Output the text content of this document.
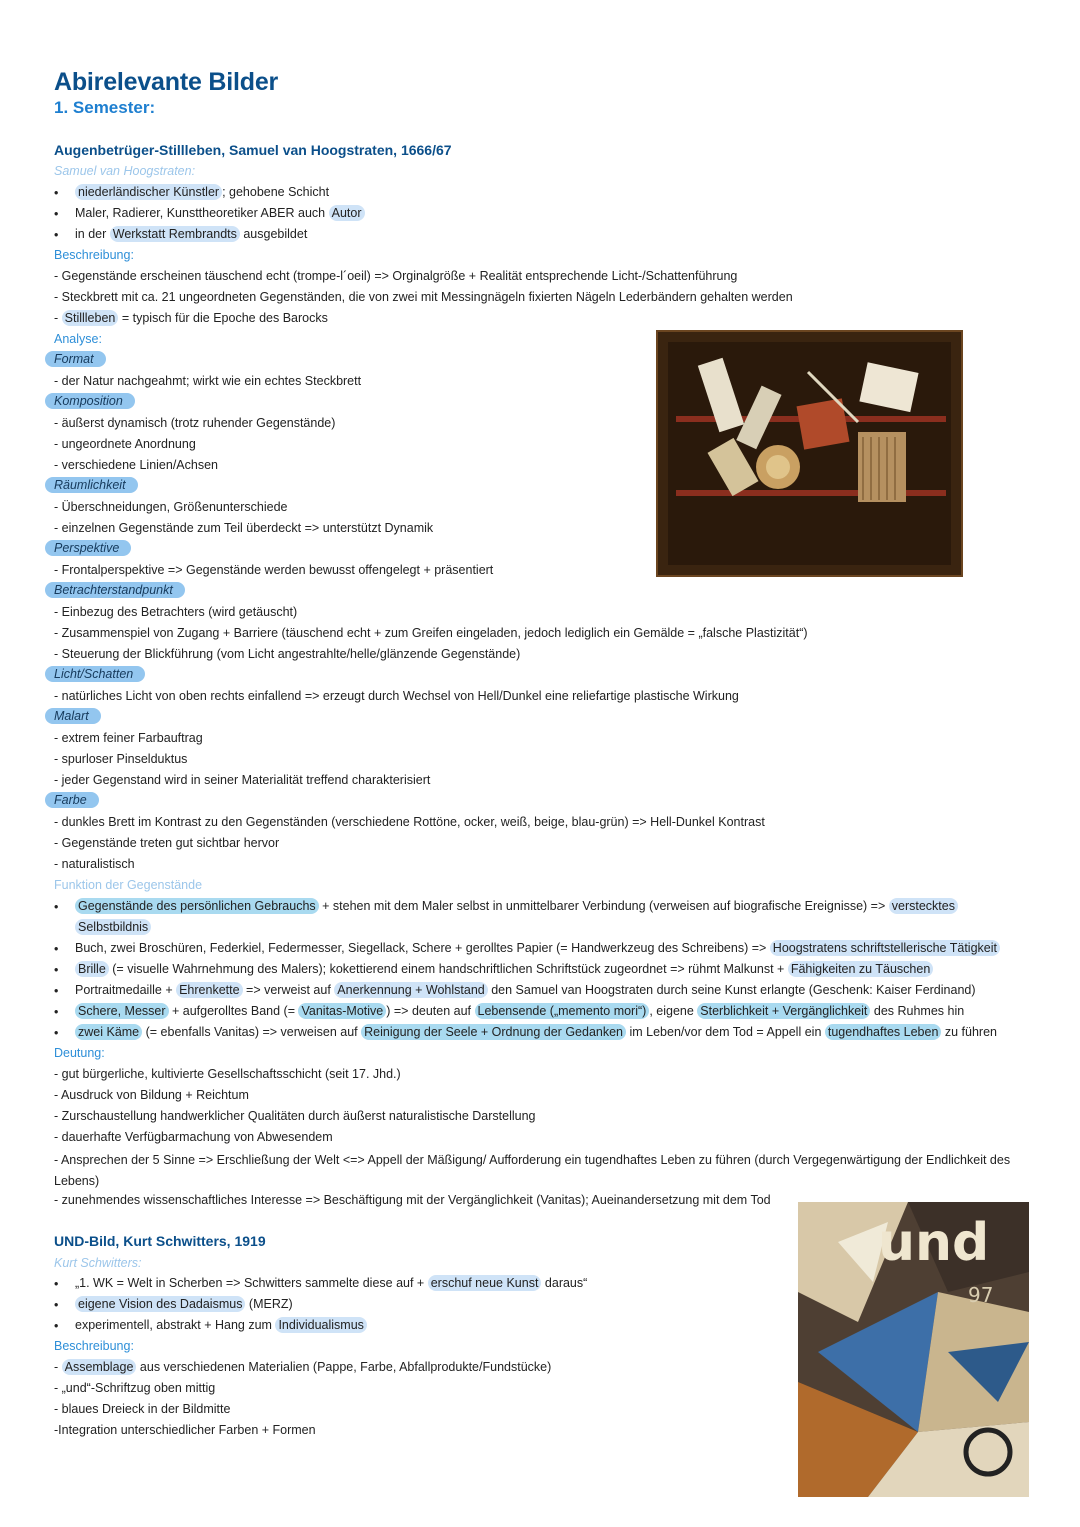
Abirelevante Bilder
1. Semester:
Augenbetrüger-Stillleben, Samuel van Hoogstraten, 1666/67
Samuel van Hoogstraten:
• niederländischer Künstler ; gehobene Schicht
• Maler, Radierer, Kunsttheoretiker ABER auch Autor
• in der Werkstatt Rembrandts ausgebildet
Beschreibung:
- Gegenstände erscheinen täuschend echt (trompe-l´oeil) => Orginalgröße + Realität entsprechende Licht-/Schattenführung
- Steckbrett mit ca. 21 ungeordneten Gegenständen, die von zwei mit Messingnägeln fixierten Nägeln Lederbändern gehalten werden
- Stillleben = typisch für die Epoche des Barocks
Analyse:
Format
- der Natur nachgeahmt; wirkt wie ein echtes Steckbrett
Komposition
- äußerst dynamisch (trotz ruhender Gegenstände)
- ungeordnete Anordnung
- verschiedene Linien/Achsen
Räumlichkeit
- Überschneidungen, Größenunterschiede
- einzelnen Gegenstände zum Teil überdeckt => unterstützt Dynamik
Perspektive
- Frontalperspektive => Gegenstände werden bewusst offengelegt + präsentiert
Betrachterstandpunkt
- Einbezug des Betrachters (wird getäuscht)
- Zusammenspiel von Zugang + Barriere (täuschend echt + zum Greifen eingeladen, jedoch lediglich ein Gemälde = „falsche Plastizität“)
- Steuerung der Blickführung (vom Licht angestrahlte/helle/glänzende Gegenstände)
Licht/Schatten
- natürliches Licht von oben rechts einfallend => erzeugt durch Wechsel von Hell/Dunkel eine reliefartige plastische Wirkung
Malart
- extrem feiner Farbauftrag
- spurloser Pinselduktus
- jeder Gegenstand wird in seiner Materialität treffend charakterisiert
Farbe
- dunkles Brett im Kontrast zu den Gegenständen (verschiedene Rottöne, ocker, weiß, beige, blau-grün) => Hell-Dunkel Kontrast
- Gegenstände treten gut sichtbar hervor
- naturalistisch
Funktion der Gegenstände
• Gegenstände des persönlichen Gebrauchs + stehen mit dem Maler selbst in unmittelbarer Verbindung (verweisen auf biografische Ereignisse) => verstecktes
Selbstbildnis
• Buch, zwei Broschüren, Federkiel, Federmesser, Siegellack, Schere + gerolltes Papier (= Handwerkzeug des Schreibens) => Hoogstratens schriftstellerische Tätigkeit
• Brille (= visuelle Wahrnehmung des Malers); kokettierend einem handschriftlichen Schriftstück zugeordnet => rühmt Malkunst + Fähigkeiten zu Täuschen
• Portraitmedaille + Ehrenkette => verweist auf Anerkennung + Wohlstand den Samuel van Hoogstraten durch seine Kunst erlangte (Geschenk: Kaiser Ferdinand)
• Schere, Messer + aufgerolltes Band (= Vanitas-Motive ) => deuten auf Lebensende („memento mori“) , eigene Sterblichkeit + Vergänglichkeit des Ruhmes hin
• zwei Käme (= ebenfalls Vanitas) => verweisen auf Reinigung der Seele + Ordnung der Gedanken im Leben/vor dem Tod = Appell ein tugendhaftes Leben zu führen
Deutung:
- gut bürgerliche, kultivierte Gesellschaftsschicht (seit 17. Jhd.)
- Ausdruck von Bildung + Reichtum
- Zurschaustellung handwerklicher Qualitäten durch äußerst naturalistische Darstellung
- dauerhafte Verfügbarmachung von Abwesendem
- Ansprechen der 5 Sinne => Erschließung der Welt <=> Appell der Mäßigung/ Aufforderung ein tugendhaftes Leben zu führen (durch Vergegenwärtigung der Endlichkeit des Lebens)
- zunehmendes wissenschaftliches Interesse => Beschäftigung mit der Vergänglichkeit (Vanitas); Aueinandersetzung mit dem Tod
UND-Bild, Kurt Schwitters, 1919
Kurt Schwitters:
• „1. WK = Welt in Scherben => Schwitters sammelte diese auf + erschuf neue Kunst daraus“
• eigene Vision des Dadaismus (MERZ)
• experimentell, abstrakt + Hang zum Individualismus
Beschreibung:
- Assemblage aus verschiedenen Materialien (Pappe, Farbe, Abfallprodukte/Fundstücke)
- „und“-Schriftzug oben mittig
- blaues Dreieck in der Bildmitte
-Integration unterschiedlicher Farben + Formen
und
97
